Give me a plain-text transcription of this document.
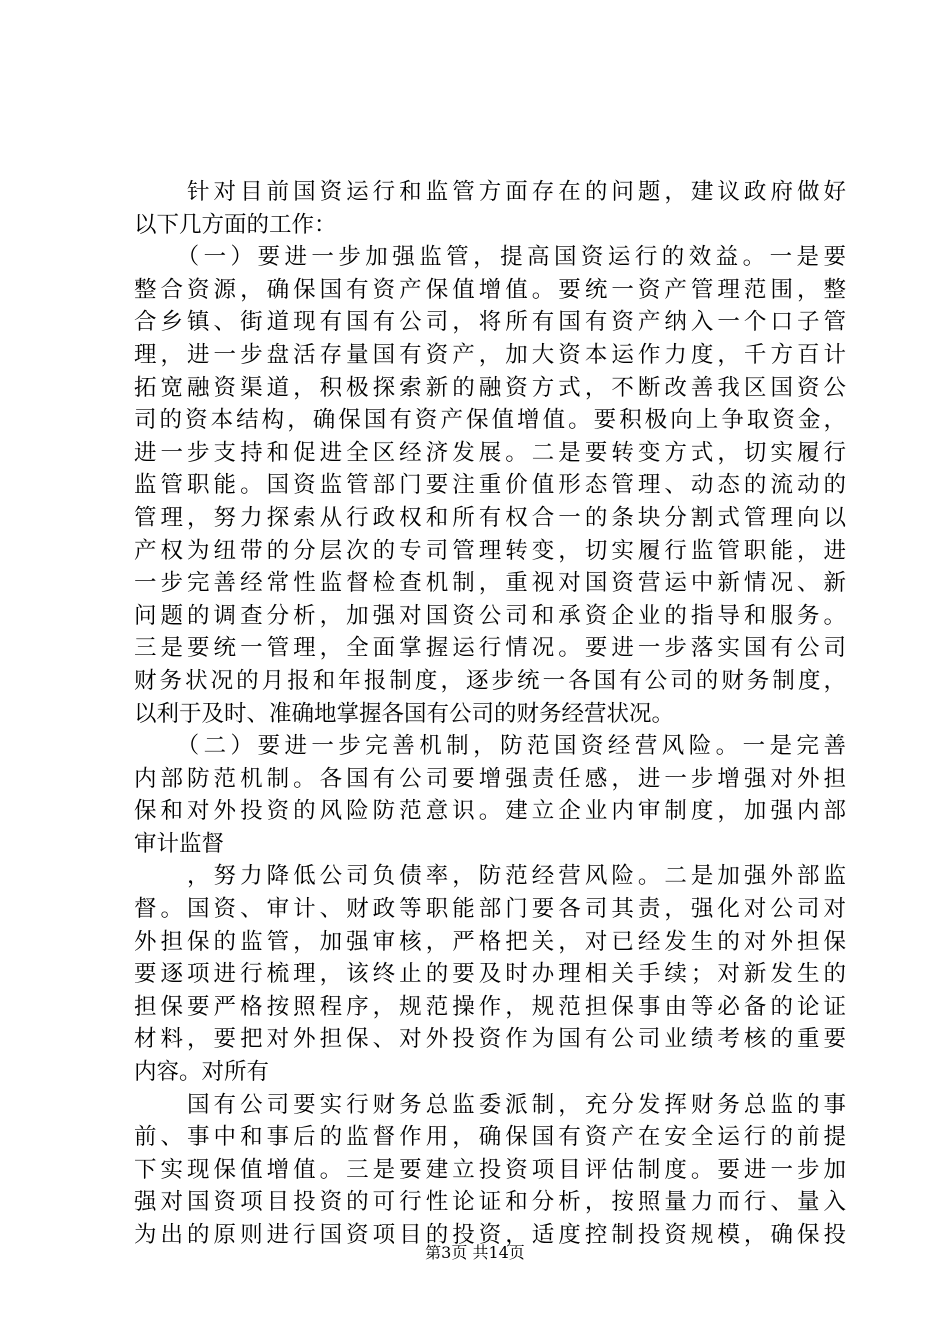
　　针对目前国资运行和监管方面存在的问题，建议政府做好
以下几方面的工作：
　　（一）要进一步加强监管，提高国资运行的效益。一是要
整合资源，确保国有资产保值增值。要统一资产管理范围，整
合乡镇、街道现有国有公司，将所有国有资产纳入一个口子管
理，进一步盘活存量国有资产，加大资本运作力度，千方百计
拓宽融资渠道，积极探索新的融资方式，不断改善我区国资公
司的资本结构，确保国有资产保值增值。要积极向上争取资金，
进一步支持和促进全区经济发展。二是要转变方式，切实履行
监管职能。国资监管部门要注重价值形态管理、动态的流动的
管理，努力探索从行政权和所有权合一的条块分割式管理向以
产权为纽带的分层次的专司管理转变，切实履行监管职能，进
一步完善经常性监督检查机制，重视对国资营运中新情况、新
问题的调查分析，加强对国资公司和承资企业的指导和服务。
三是要统一管理，全面掌握运行情况。要进一步落实国有公司
财务状况的月报和年报制度，逐步统一各国有公司的财务制度，
以利于及时、准确地掌握各国有公司的财务经营状况。
　　（二）要进一步完善机制，防范国资经营风险。一是完善
内部防范机制。各国有公司要增强责任感，进一步增强对外担
保和对外投资的风险防范意识。建立企业内审制度，加强内部
审计监督
　　，努力降低公司负债率，防范经营风险。二是加强外部监
督。国资、审计、财政等职能部门要各司其责，强化对公司对
外担保的监管，加强审核，严格把关，对已经发生的对外担保
要逐项进行梳理，该终止的要及时办理相关手续；对新发生的
担保要严格按照程序，规范操作，规范担保事由等必备的论证
材料，要把对外担保、对外投资作为国有公司业绩考核的重要
内容。对所有
　　国有公司要实行财务总监委派制，充分发挥财务总监的事
前、事中和事后的监督作用，确保国有资产在安全运行的前提
下实现保值增值。三是要建立投资项目评估制度。要进一步加
强对国资项目投资的可行性论证和分析，按照量力而行、量入
为出的原则进行国资项目的投资，适度控制投资规模，确保投
第3页 共14页
